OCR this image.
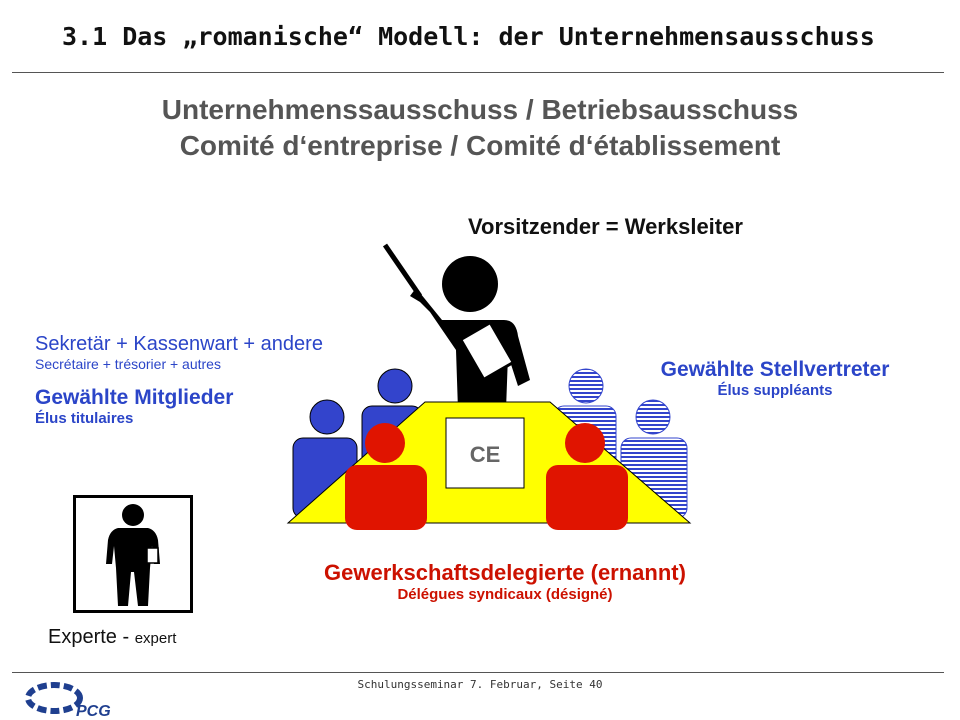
3.1 Das „romanische“ Modell: der Unternehmensausschuss
Unternehmenssausschuss / Betriebsausschuss
Comité d‘entreprise / Comité d‘établissement
Vorsitzender = Werksleiter
Sekretär + Kassenwart + andere
Secrétaire + trésorier + autres
Gewählte Mitglieder
Élus titulaires
Gewählte Stellvertreter
Élus suppléants
CE
Gewerkschaftsdelegierte (ernannt)
Délégues syndicaux (désigné)
Experte - expert
Schulungsseminar 7. Februar, Seite 40
PCG
